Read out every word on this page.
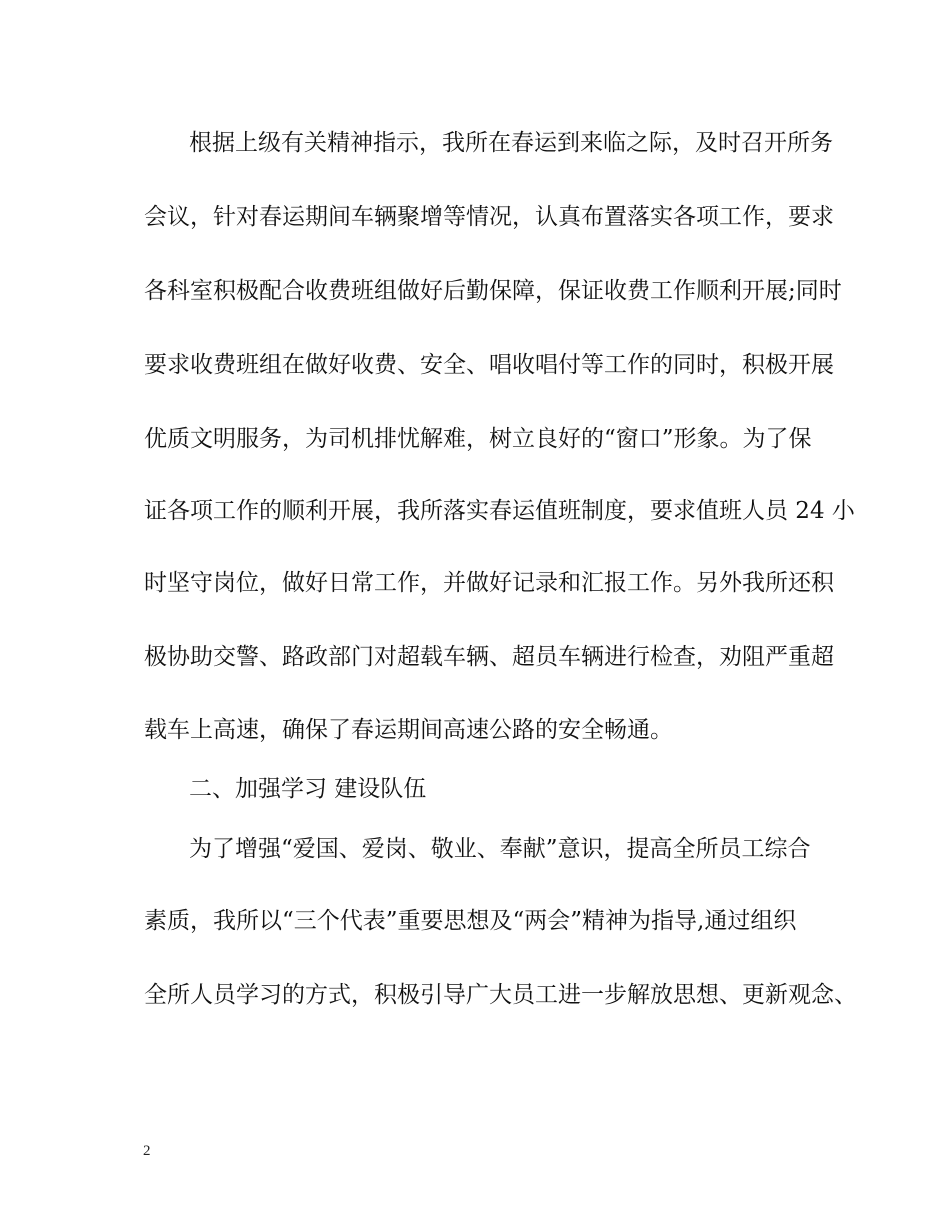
根据上级有关精神指示，我所在春运到来临之际，及时召开所务

会议，针对春运期间车辆聚增等情况，认真布置落实各项工作，要求

各科室积极配合收费班组做好后勤保障，保证收费工作顺利开展;同时

要求收费班组在做好收费、安全、唱收唱付等工作的同时，积极开展

优质文明服务，为司机排忧解难，树立良好的“窗口”形象。为了保

证各项工作的顺利开展，我所落实春运值班制度，要求值班人员 24 小

时坚守岗位，做好日常工作，并做好记录和汇报工作。另外我所还积

极协助交警、路政部门对超载车辆、超员车辆进行检查，劝阻严重超

载车上高速，确保了春运期间高速公路的安全畅通。

二、加强学习 建设队伍

为了增强“爱国、爱岗、敬业、奉献”意识，提高全所员工综合

素质，我所以“三个代表”重要思想及“两会”精神为指导,通过组织

全所人员学习的方式，积极引导广大员工进一步解放思想、更新观念、

2
